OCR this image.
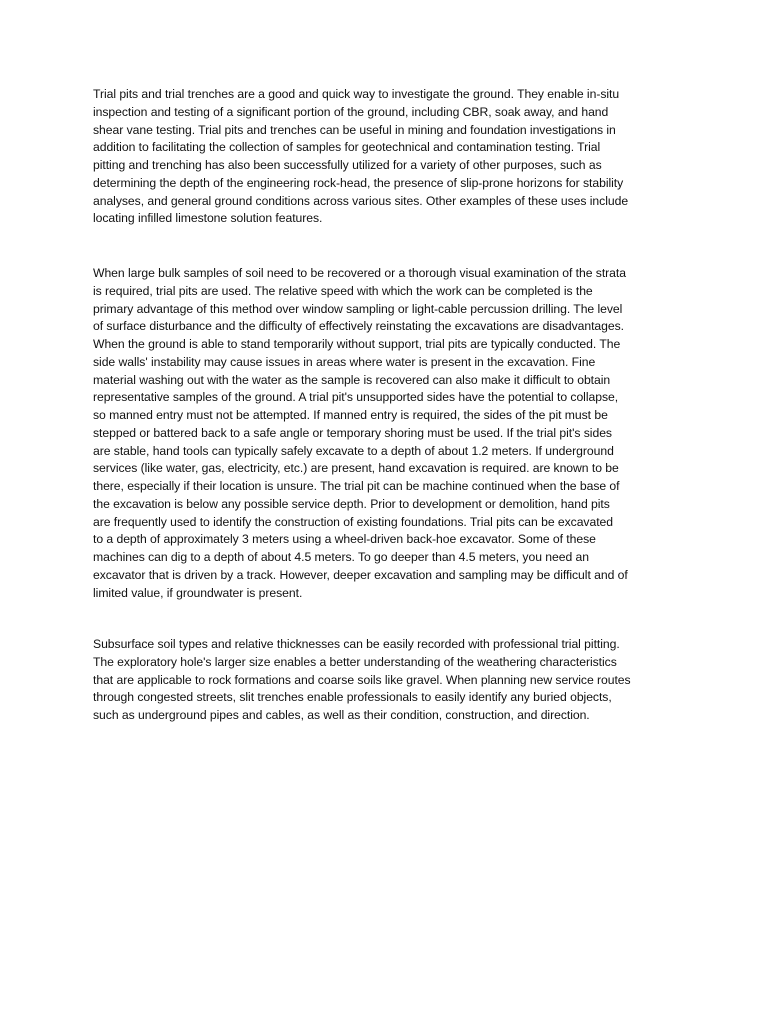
Trial pits and trial trenches are a good and quick way to investigate the ground. They enable in-situ
inspection and testing of a significant portion of the ground, including CBR, soak away, and hand
shear vane testing. Trial pits and trenches can be useful in mining and foundation investigations in
addition to facilitating the collection of samples for geotechnical and contamination testing. Trial
pitting and trenching has also been successfully utilized for a variety of other purposes, such as
determining the depth of the engineering rock-head, the presence of slip-prone horizons for stability
analyses, and general ground conditions across various sites. Other examples of these uses include
locating infilled limestone solution features.

When large bulk samples of soil need to be recovered or a thorough visual examination of the strata
is required, trial pits are used. The relative speed with which the work can be completed is the
primary advantage of this method over window sampling or light-cable percussion drilling. The level
of surface disturbance and the difficulty of effectively reinstating the excavations are disadvantages.
When the ground is able to stand temporarily without support, trial pits are typically conducted. The
side walls' instability may cause issues in areas where water is present in the excavation. Fine
material washing out with the water as the sample is recovered can also make it difficult to obtain
representative samples of the ground. A trial pit's unsupported sides have the potential to collapse,
so manned entry must not be attempted. If manned entry is required, the sides of the pit must be
stepped or battered back to a safe angle or temporary shoring must be used. If the trial pit's sides
are stable, hand tools can typically safely excavate to a depth of about 1.2 meters. If underground
services (like water, gas, electricity, etc.) are present, hand excavation is required. are known to be
there, especially if their location is unsure. The trial pit can be machine continued when the base of
the excavation is below any possible service depth. Prior to development or demolition, hand pits
are frequently used to identify the construction of existing foundations. Trial pits can be excavated
to a depth of approximately 3 meters using a wheel-driven back-hoe excavator. Some of these
machines can dig to a depth of about 4.5 meters. To go deeper than 4.5 meters, you need an
excavator that is driven by a track. However, deeper excavation and sampling may be difficult and of
limited value, if groundwater is present.

Subsurface soil types and relative thicknesses can be easily recorded with professional trial pitting.
The exploratory hole's larger size enables a better understanding of the weathering characteristics
that are applicable to rock formations and coarse soils like gravel. When planning new service routes
through congested streets, slit trenches enable professionals to easily identify any buried objects,
such as underground pipes and cables, as well as their condition, construction, and direction.
